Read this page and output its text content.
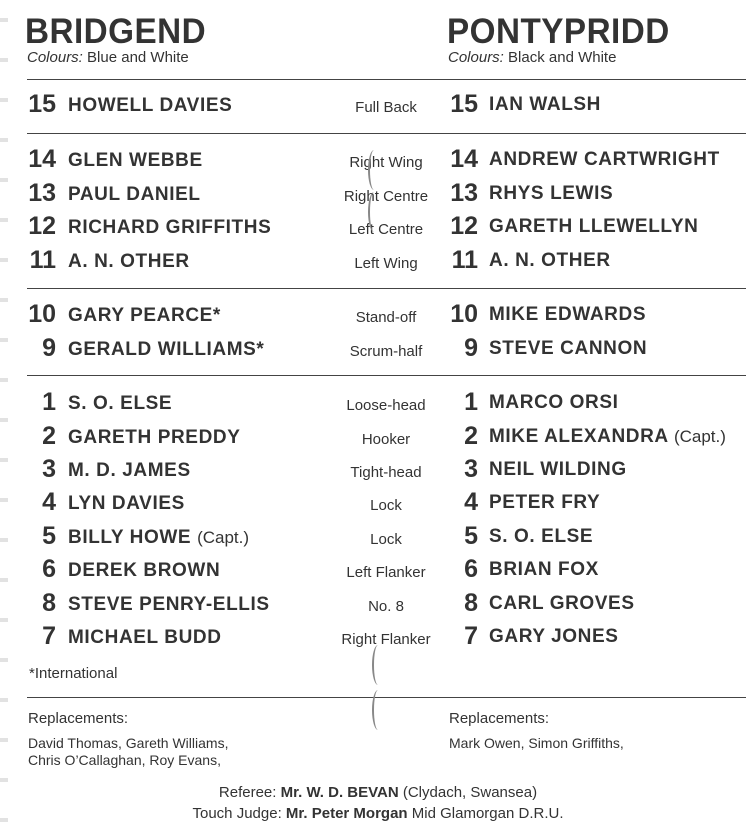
BRIDGEND
Colours: Blue and White
PONTYPRIDD
Colours: Black and White
15 HOWELL DAVIES	Full Back	15 IAN WALSH
14 GLEN WEBBE	Right Wing	14 ANDREW CARTWRIGHT
13 PAUL DANIEL	Right Centre 13 RHYS LEWIS
12 RICHARD GRIFFITHS	Left Centre	12 GARETH LLEWELLYN
11 A. N. OTHER	Left Wing	11 A. N. OTHER
10 GARY PEARCE*	Stand-off	10 MIKE EDWARDS
9 GERALD WILLIAMS*	Scrum-half	9 STEVE CANNON
1 S. O. ELSE	Loose-head	1 MARCO ORSI
2 GARETH PREDDY	Hooker	2 MIKE ALEXANDRA (Capt.)
3 M. D. JAMES	Tight-head	3 NEIL WILDING
4 LYN DAVIES	Lock	4 PETER FRY
5 BILLY HOWE (Capt.)	Lock	5 S. O. ELSE
6 DEREK BROWN	Left Flanker	6 BRIAN FOX
8 STEVE PENRY-ELLIS	No. 8	8 CARL GROVES
7 MICHAEL BUDD	Right Flanker	7 GARY JONES
*International
Replacements:
David Thomas, Gareth Williams,
Chris O’Callaghan, Roy Evans,
Replacements:
Mark Owen, Simon Griffiths,
Referee: Mr. W. D. BEVAN (Clydach, Swansea)
Touch Judge: Mr. Peter Morgan Mid Glamorgan D.R.U.
